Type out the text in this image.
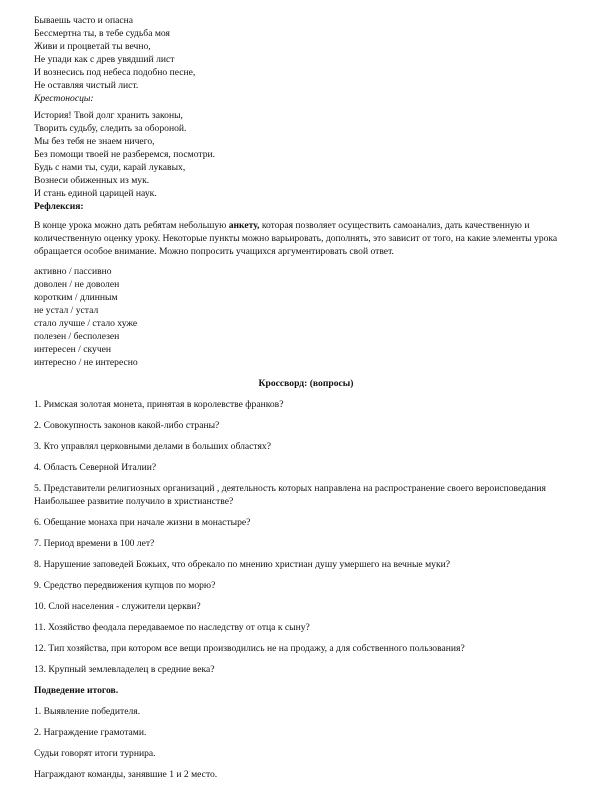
Бываешь часто и опасна
Бессмертна ты, в тебе судьба моя
Живи и процветай ты вечно,
Не упади как с древ увядший лист
И вознесись под небеса подобно песне,
Не оставляя чистый лист.
Крестоносцы:
История! Твой долг хранить законы,
Творить судьбу, следить за обороной.
Мы без тебя не знаем ничего,
Без помощи твоей не разберемся, посмотри.
Будь с нами ты, суди, карай лукавых,
Вознеси обиженных из мук.
И стань единой царицей наук.
Рефлексия:
В конце урока можно дать ребятам небольшую анкету, которая позволяет осуществить самоанализ, дать качественную и количественную оценку уроку. Некоторые пункты можно варьировать, дополнять, это зависит от того, на какие элементы урока обращается особое внимание. Можно попросить учащихся аргументировать свой ответ.
активно / пассивно
доволен / не доволен
коротким / длинным
не устал / устал
стало лучше / стало хуже
полезен / бесполезен
интересен / скучен
интересно / не интересно
Кроссворд: (вопросы)
1. Римская золотая монета, принятая в королевстве франков?
2. Совокупность законов какой-либо страны?
3. Кто управлял церковными делами в больших областях?
4. Область Северной Италии?
5. Представители религиозных организаций , деятельность которых направлена на распространение своего вероисповедания Наибольшее развитие получило в христианстве?
6. Обещание монаха при начале жизни в монастыре?
7. Период времени в 100 лет?
8. Нарушение заповедей Божьих, что обрекало по мнению христиан душу умершего на вечные муки?
9. Средство передвижения купцов по морю?
10. Слой населения - служители церкви?
11. Хозяйство феодала передаваемое по наследству от отца к сыну?
12. Тип хозяйства, при котором все вещи производились не на продажу, а для собственного пользования?
13. Крупный землевладелец в средние века?
Подведение итогов.
1. Выявление победителя.
2. Награждение грамотами.
Судьи говорят итоги турнира.
Награждают команды, занявшие 1 и 2 место.
